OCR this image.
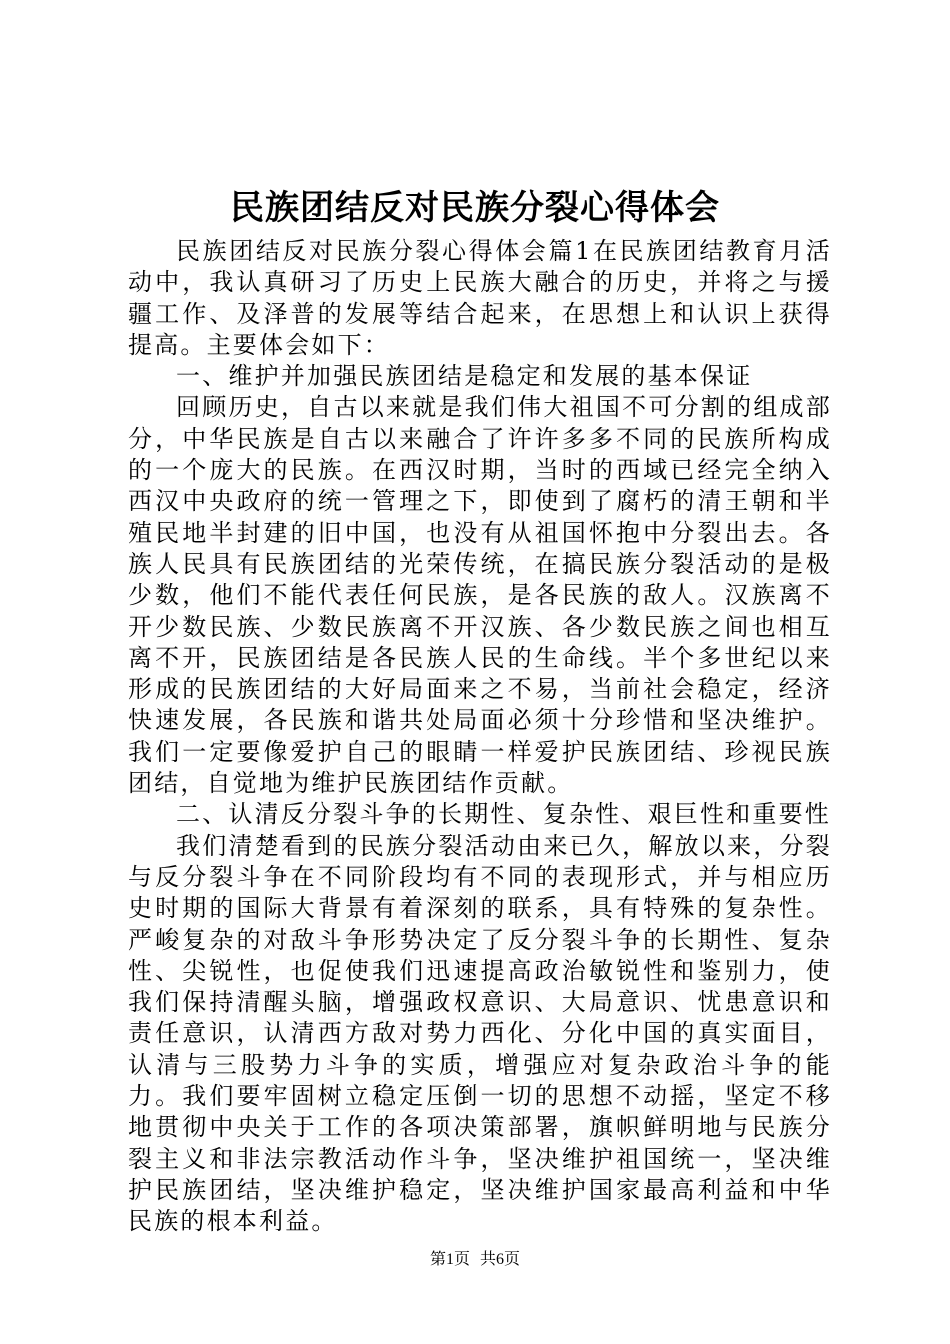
民族团结反对民族分裂心得体会

民族团结反对民族分裂心得体会篇1在民族团结教育月活动中，我认真研习了历史上民族大融合的历史，并将之与援疆工作、及泽普的发展等结合起来，在思想上和认识上获得提高。主要体会如下：

一、维护并加强民族团结是稳定和发展的基本保证

回顾历史，自古以来就是我们伟大祖国不可分割的组成部分，中华民族是自古以来融合了许许多多不同的民族所构成的一个庞大的民族。在西汉时期，当时的西域已经完全纳入西汉中央政府的统一管理之下，即使到了腐朽的清王朝和半殖民地半封建的旧中国，也没有从祖国怀抱中分裂出去。各族人民具有民族团结的光荣传统，在搞民族分裂活动的是极少数，他们不能代表任何民族，是各民族的敌人。汉族离不开少数民族、少数民族离不开汉族、各少数民族之间也相互离不开，民族团结是各民族人民的生命线。半个多世纪以来形成的民族团结的大好局面来之不易，当前社会稳定，经济快速发展，各民族和谐共处局面必须十分珍惜和坚决维护。我们一定要像爱护自己的眼睛一样爱护民族团结、珍视民族团结，自觉地为维护民族团结作贡献。

二、认清反分裂斗争的长期性、复杂性、艰巨性和重要性

我们清楚看到的民族分裂活动由来已久，解放以来，分裂与反分裂斗争在不同阶段均有不同的表现形式，并与相应历史时期的国际大背景有着深刻的联系，具有特殊的复杂性。严峻复杂的对敌斗争形势决定了反分裂斗争的长期性、复杂性、尖锐性，也促使我们迅速提高政治敏锐性和鉴别力，使我们保持清醒头脑，增强政权意识、大局意识、忧患意识和责任意识，认清西方敌对势力西化、分化中国的真实面目，认清与三股势力斗争的实质，增强应对复杂政治斗争的能力。我们要牢固树立稳定压倒一切的思想不动摇，坚定不移地贯彻中央关于工作的各项决策部署，旗帜鲜明地与民族分裂主义和非法宗教活动作斗争，坚决维护祖国统一，坚决维护民族团结，坚决维护稳定，坚决维护国家最高利益和中华民族的根本利益。

第1页 共6页
